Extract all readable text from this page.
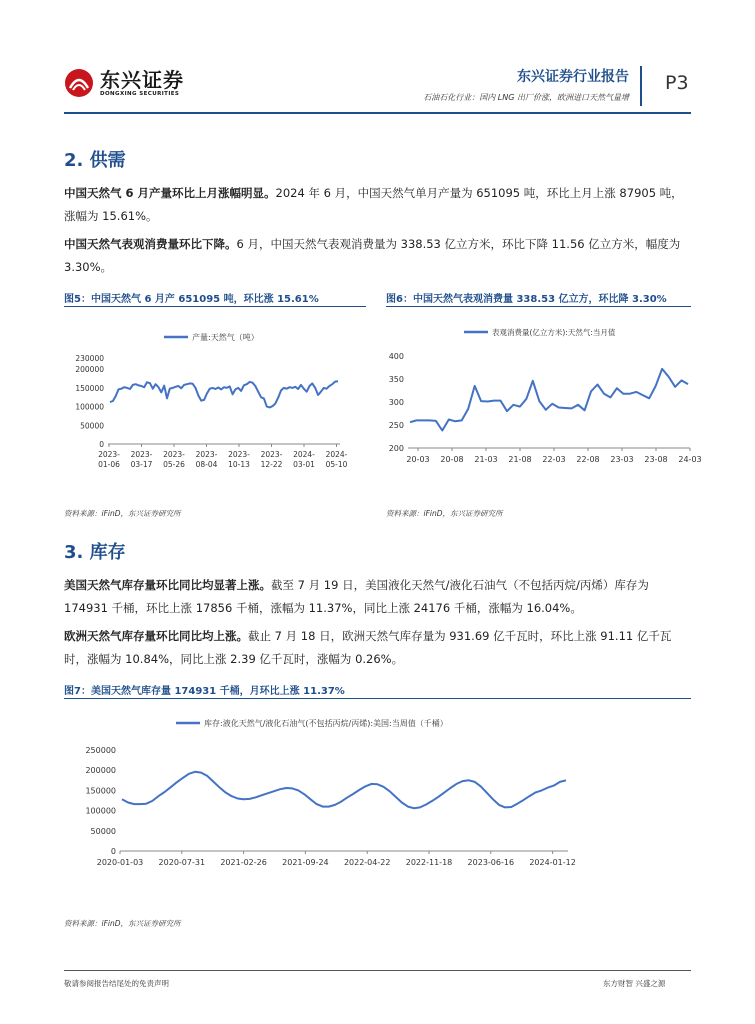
东兴证券
DONGXING SECURITIES
东兴证券行业报告
石油石化行业：国内 LNG 出厂价涨，欧洲进口天然气量增
P3
2. 供需
中国天然气 6 月产量环比上月涨幅明显。2024 年 6 月，中国天然气单月产量为 651095 吨，环比上月上涨 87905 吨，涨幅为 15.61%。
中国天然气表观消费量环比下降。6 月，中国天然气表观消费量为 338.53 亿立方米，环比下降 11.56 亿立方米，幅度为 3.30%。
图5：中国天然气 6 月产 651095 吨，环比涨 15.61%
产量:天然气（吨）
0
50000
100000
150000
200000
230000
2023-
01-06
2023-
03-17
2023-
05-26
2023-
08-04
2023-
10-13
2023-
12-22
2024-
03-01
2024-
05-10
资料来源：iFinD，东兴证券研究所
图6：中国天然气表观消费量 338.53 亿立方，环比降 3.30%
表观消费量(亿立方米):天然气:当月值
200
250
300
350
400
20-03 20-08 21-03 21-08 22-03 22-08 23-03 23-08 24-03
资料来源：iFinD，东兴证券研究所
3. 库存
美国天然气库存量环比同比均显著上涨。截至 7 月 19 日，美国液化天然气/液化石油气（不包括丙烷/丙烯）库存为 174931 千桶，环比上涨 17856 千桶，涨幅为 11.37%，同比上涨 24176 千桶，涨幅为 16.04%。
欧洲天然气库存量环比同比均上涨。截止 7 月 18 日，欧洲天然气库存量为 931.69 亿千瓦时，环比上涨 91.11 亿千瓦时，涨幅为 10.84%，同比上涨 2.39 亿千瓦时，涨幅为 0.26%。
图7：美国天然气库存量 174931 千桶，月环比上涨 11.37%
库存:液化天然气/液化石油气(不包括丙烷/丙烯):美国:当周值（千桶）
0
50000
100000
150000
200000
250000
2020-01-03 2020-07-31 2021-02-26 2021-09-24 2022-04-22 2022-11-18 2023-06-16 2024-01-12
资料来源：iFinD，东兴证券研究所
敬请参阅报告结尾处的免责声明	东方财智 兴盛之源
